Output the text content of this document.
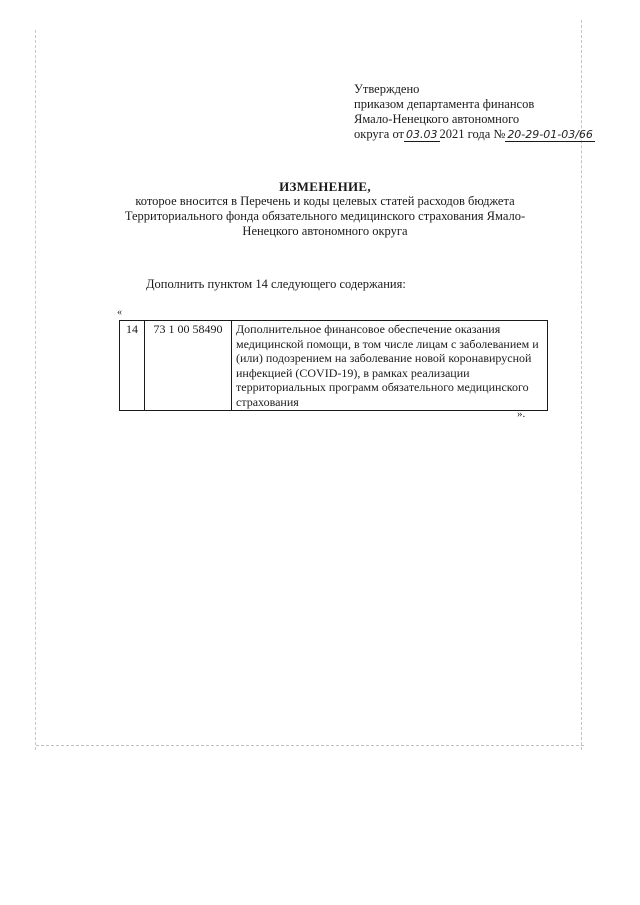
Утверждено
приказом департамента финансов
Ямало-Ненецкого автономного
округа от 03.03 2021 года № 20-29-01-03/66
ИЗМЕНЕНИЕ,
которое вносится в Перечень и коды целевых статей расходов бюджета
Территориального фонда обязательного медицинского страхования Ямало-
Ненецкого автономного округа
Дополнить пунктом 14 следующего содержания:
«
14	73 1 00 58490	Дополнительное финансовое обеспечение оказания медицинской помощи, в том числе лицам с заболеванием и (или) подозрением на заболевание новой коронавирусной инфекцией (COVID-19), в рамках реализации территориальных программ обязательного медицинского страхования
».
